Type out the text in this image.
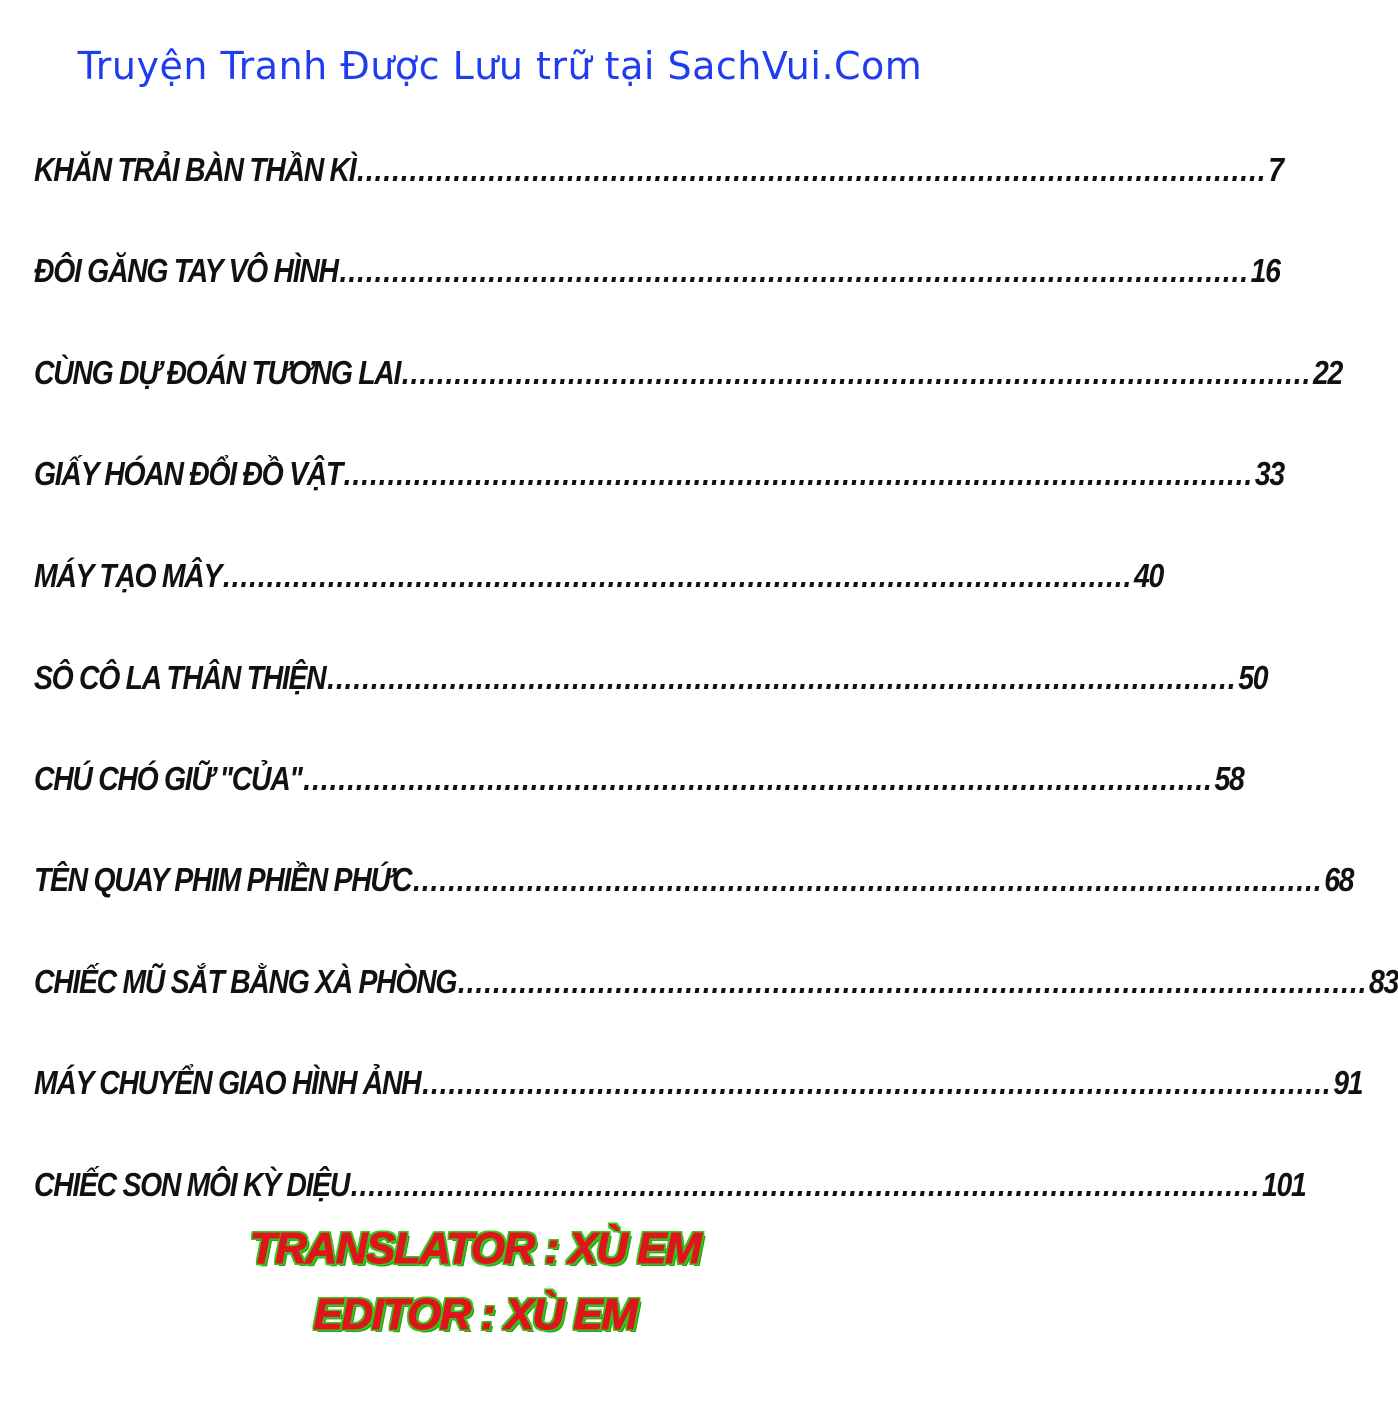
Truyện Tranh Được Lưu trữ tại SachVui.Com
KHĂN TRẢI BÀN THẦN KÌ ........................................................................................................ 7
ĐÔI GĂNG TAY VÔ HÌNH ........................................................................................................ 16
CÙNG DỰ ĐOÁN TƯƠNG LAI ........................................................................................................ 22
GIẤY HÓAN ĐỔI ĐỒ VẬT ........................................................................................................ 33
MÁY TẠO MÂY ........................................................................................................ 40
SÔ CÔ LA THÂN THIỆN ........................................................................................................ 50
CHÚ CHÓ GIỮ "CỦA" ........................................................................................................ 58
TÊN QUAY PHIM PHIỀN PHỨC ........................................................................................................ 68
CHIẾC MŨ SẮT BẰNG XÀ PHÒNG ........................................................................................................ 83
MÁY CHUYỂN GIAO HÌNH ẢNH ........................................................................................................ 91
CHIẾC SON MÔI KỲ DIỆU ........................................................................................................ 101
TRANSLATOR : XÙ EM
EDITOR : XÙ EM
